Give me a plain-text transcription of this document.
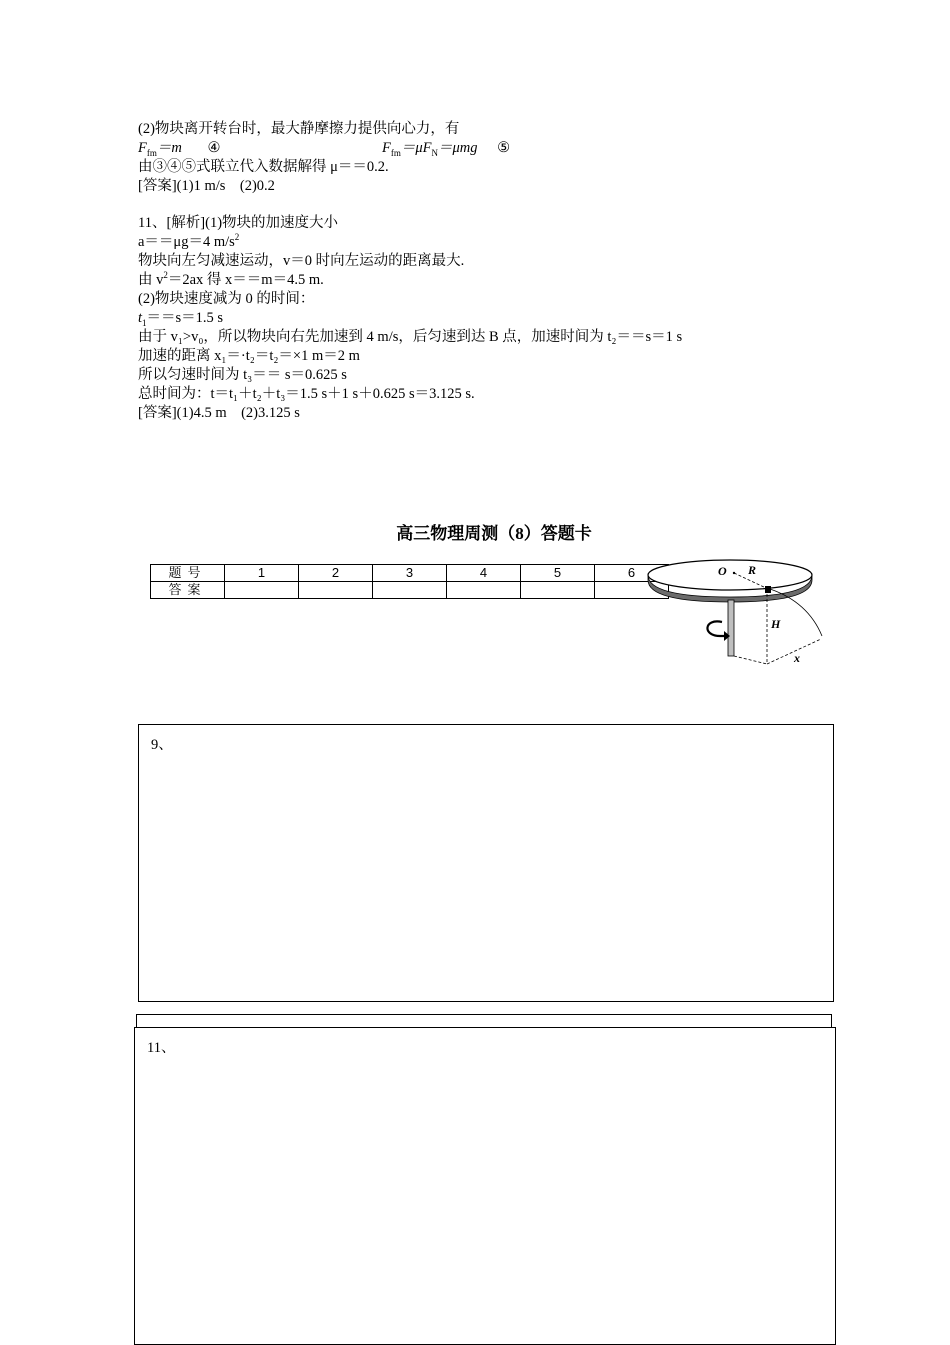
(2)物块离开转台时，最大静摩擦力提供向心力，有
$F_{fm}=m$ ④	$F_{fm}=\mu F_N=\mu mg$ ⑤
由③④⑤式联立代入数据解得 μ＝＝0.2.
[答案](1)1 m/s　(2)0.2
11、[解析](1)物块的加速度大小
a＝＝μg＝4 $m/s^2$
物块向左匀减速运动，v＝0 时向左运动的距离最大.
由 $v^2=2ax$ 得 x＝＝m＝4.5 m.
(2)物块速度减为 0 的时间：
$t_1==s=1.5$ s
由于 v₁>v₀，所以物块向右先加速到 4 m/s，后匀速到达 B 点，加速时间为 t₂＝＝s＝1 s
加速的距离 x₁＝·t₂＝t₂＝×1 m＝2 m
所以匀速时间为 t₃＝＝ s＝0.625 s
总时间为：t＝t₁＋t₂＋t₃＝1.5 s＋1 s＋0.625 s＝3.125 s.
[答案](1)4.5 m　(2)3.125 s
高三物理周测（8）答题卡
题号	1	2	3	4	5	6
答案						
O R
H
x
9、
11、
